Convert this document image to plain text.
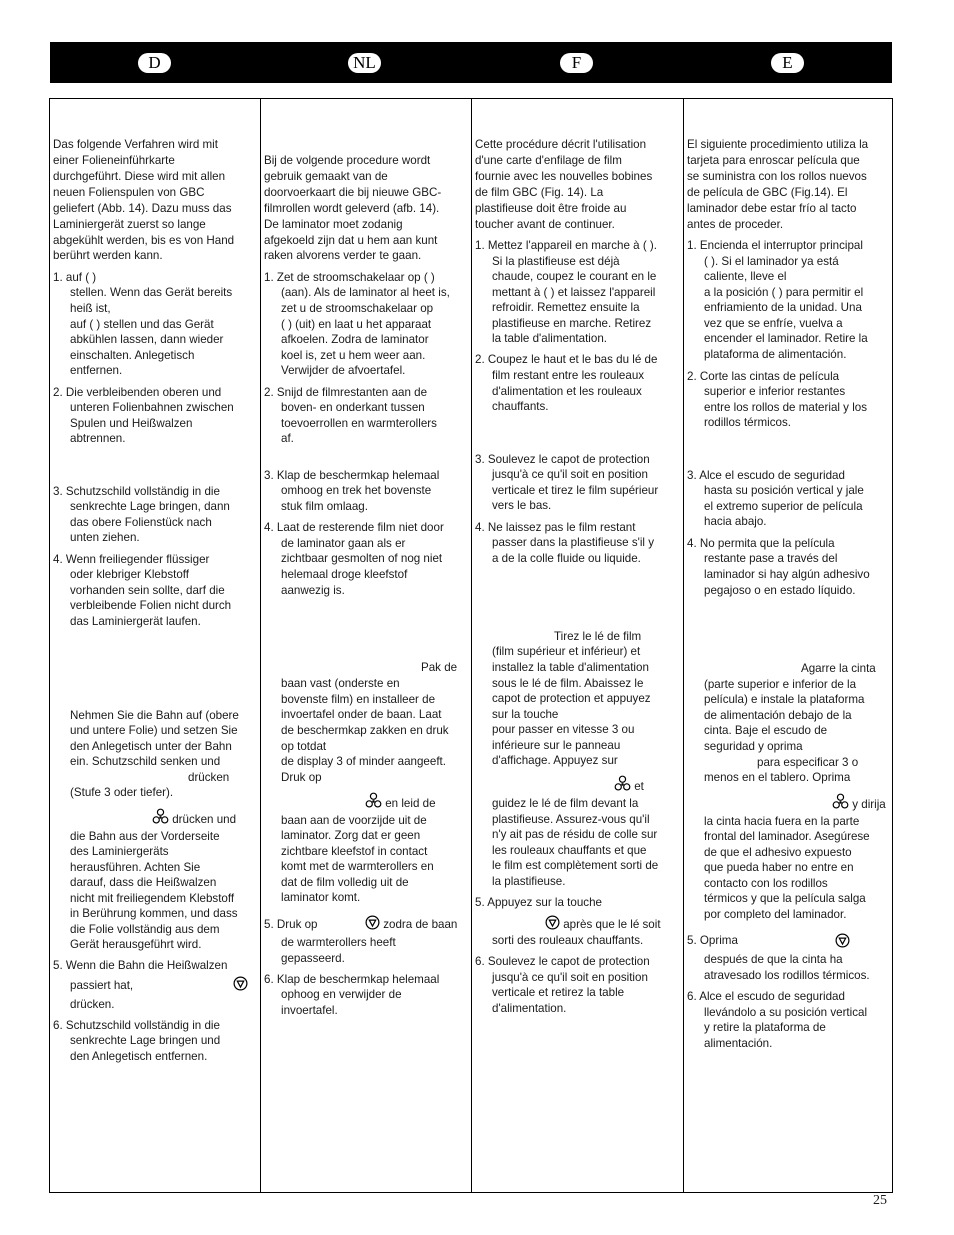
D	NL	F	E
Das folgende Verfahren wird mit
einer Folieneinführkarte
durchgeführt. Diese wird mit allen
neuen Folienspulen von GBC
geliefert (Abb. 14). Dazu muss das
Laminiergerät zuerst so lange
abgekühlt werden, bis es von Hand
berührt werden kann.
1. auf ( )
stellen. Wenn das Gerät bereits
heiß ist,
auf ( ) stellen und das Gerät
abkühlen lassen, dann wieder
einschalten. Anlegetisch
entfernen.
2. Die verbleibenden oberen und
unteren Folienbahnen zwischen
Spulen und Heißwalzen
abtrennen.
3. Schutzschild vollständig in die
senkrechte Lage bringen, dann
das obere Folienstück nach
unten ziehen.
4. Wenn freiliegender flüssiger
oder klebriger Klebstoff
vorhanden sein sollte, darf die
verbleibende Folien nicht durch
das Laminiergerät laufen.
Nehmen Sie die Bahn auf (obere
und untere Folie) und setzen Sie
den Anlegetisch unter der Bahn
ein. Schutzschild senken und
drücken
(Stufe 3 oder tiefer).
drücken und
die Bahn aus der Vorderseite
des Laminiergeräts
herausführen. Achten Sie
darauf, dass die Heißwalzen
nicht mit freiliegendem Klebstoff
in Berührung kommen, und dass
die Folie vollständig aus dem
Gerät herausgeführt wird.
5. Wenn die Bahn die Heißwalzen
passiert hat,
drücken.
6. Schutzschild vollständig in die
senkrechte Lage bringen und
den Anlegetisch entfernen.
Bij de volgende procedure wordt
gebruik gemaakt van de
doorvoerkaart die bij nieuwe GBC-
filmrollen wordt geleverd (afb. 14).
De laminator moet zodanig
afgekoeld zijn dat u hem aan kunt
raken alvorens verder te gaan.
1. Zet de stroomschakelaar op ( )
(aan). Als de laminator al heet is,
zet u de stroomschakelaar op
( ) (uit) en laat u het apparaat
afkoelen. Zodra de laminator
koel is, zet u hem weer aan.
Verwijder de afvoertafel.
2. Snijd de filmrestanten aan de
boven- en onderkant tussen
toevoerrollen en warmterollers
af.
3. Klap de beschermkap helemaal
omhoog en trek het bovenste
stuk film omlaag.
4. Laat de resterende film niet door
de laminator gaan als er
zichtbaar gesmolten of nog niet
helemaal droge kleefstof
aanwezig is.
Pak de
baan vast (onderste en
bovenste film) en installeer de
invoertafel onder de baan. Laat
de beschermkap zakken en druk
op totdat
de display 3 of minder aangeeft.
Druk op
en leid de
baan aan de voorzijde uit de
laminator. Zorg dat er geen
zichtbare kleefstof in contact
komt met de warmterollers en
dat de film volledig uit de
laminator komt.
5. Druk op	zodra de baan
de warmterollers heeft
gepasseerd.
6. Klap de beschermkap helemaal
ophoog en verwijder de
invoertafel.
Cette procédure décrit l'utilisation
d'une carte d'enfilage de film
fournie avec les nouvelles bobines
de film GBC (Fig. 14). La
plastifieuse doit être froide au
toucher avant de continuer.
1. Mettez l'appareil en marche à ( ).
Si la plastifieuse est déjà
chaude, coupez le courant en le
mettant à ( ) et laissez l'appareil
refroidir. Remettez ensuite la
plastifieuse en marche. Retirez
la table d'alimentation.
2. Coupez le haut et le bas du lé de
film restant entre les rouleaux
d'alimentation et les rouleaux
chauffants.
3. Soulevez le capot de protection
jusqu'à ce qu'il soit en position
verticale et tirez le film supérieur
vers le bas.
4. Ne laissez pas le film restant
passer dans la plastifieuse s'il y
a de la colle fluide ou liquide.
Tirez le lé de film
(film supérieur et inférieur) et
installez la table d'alimentation
sous le lé de film. Abaissez le
capot de protection et appuyez
sur la touche
pour passer en vitesse 3 ou
inférieure sur le panneau
d'affichage. Appuyez sur
et
guidez le lé de film devant la
plastifieuse. Assurez-vous qu'il
n'y ait pas de résidu de colle sur
les rouleaux chauffants et que
le film est complètement sorti de
la plastifieuse.
5. Appuyez sur la touche
après que le lé soit
sorti des rouleaux chauffants.
6. Soulevez le capot de protection
jusqu'à ce qu'il soit en position
verticale et retirez la table
d'alimentation.
El siguiente procedimiento utiliza la
tarjeta para enroscar película que
se suministra con los rollos nuevos
de película de GBC (Fig.14). El
laminador debe estar frío al tacto
antes de proceder.
1. Encienda el interruptor principal
( ). Si el laminador ya está
caliente, lleve el
a la posición ( ) para permitir el
enfriamiento de la unidad. Una
vez que se enfríe, vuelva a
encender el laminador. Retire la
plataforma de alimentación.
2. Corte las cintas de película
superior e inferior restantes
entre los rollos de material y los
rodillos térmicos.
3. Alce el escudo de seguridad
hasta su posición vertical y jale
el extremo superior de película
hacia abajo.
4. No permita que la película
restante pase a través del
laminador si hay algún adhesivo
pegajoso o en estado líquido.
Agarre la cinta
(parte superior e inferior de la
película) e instale la plataforma
de alimentación debajo de la
cinta. Baje el escudo de
seguridad y oprima
para especificar 3 o
menos en el tablero. Oprima
y dirija
la cinta hacia fuera en la parte
frontal del laminador. Asegúrese
de que el adhesivo expuesto
que pueda haber no entre en
contacto con los rodillos
térmicos y que la película salga
por completo del laminador.
5. Oprima
después de que la cinta ha
atravesado los rodillos térmicos.
6. Alce el escudo de seguridad
llevándolo a su posición vertical
y retire la plataforma de
alimentación.
25
